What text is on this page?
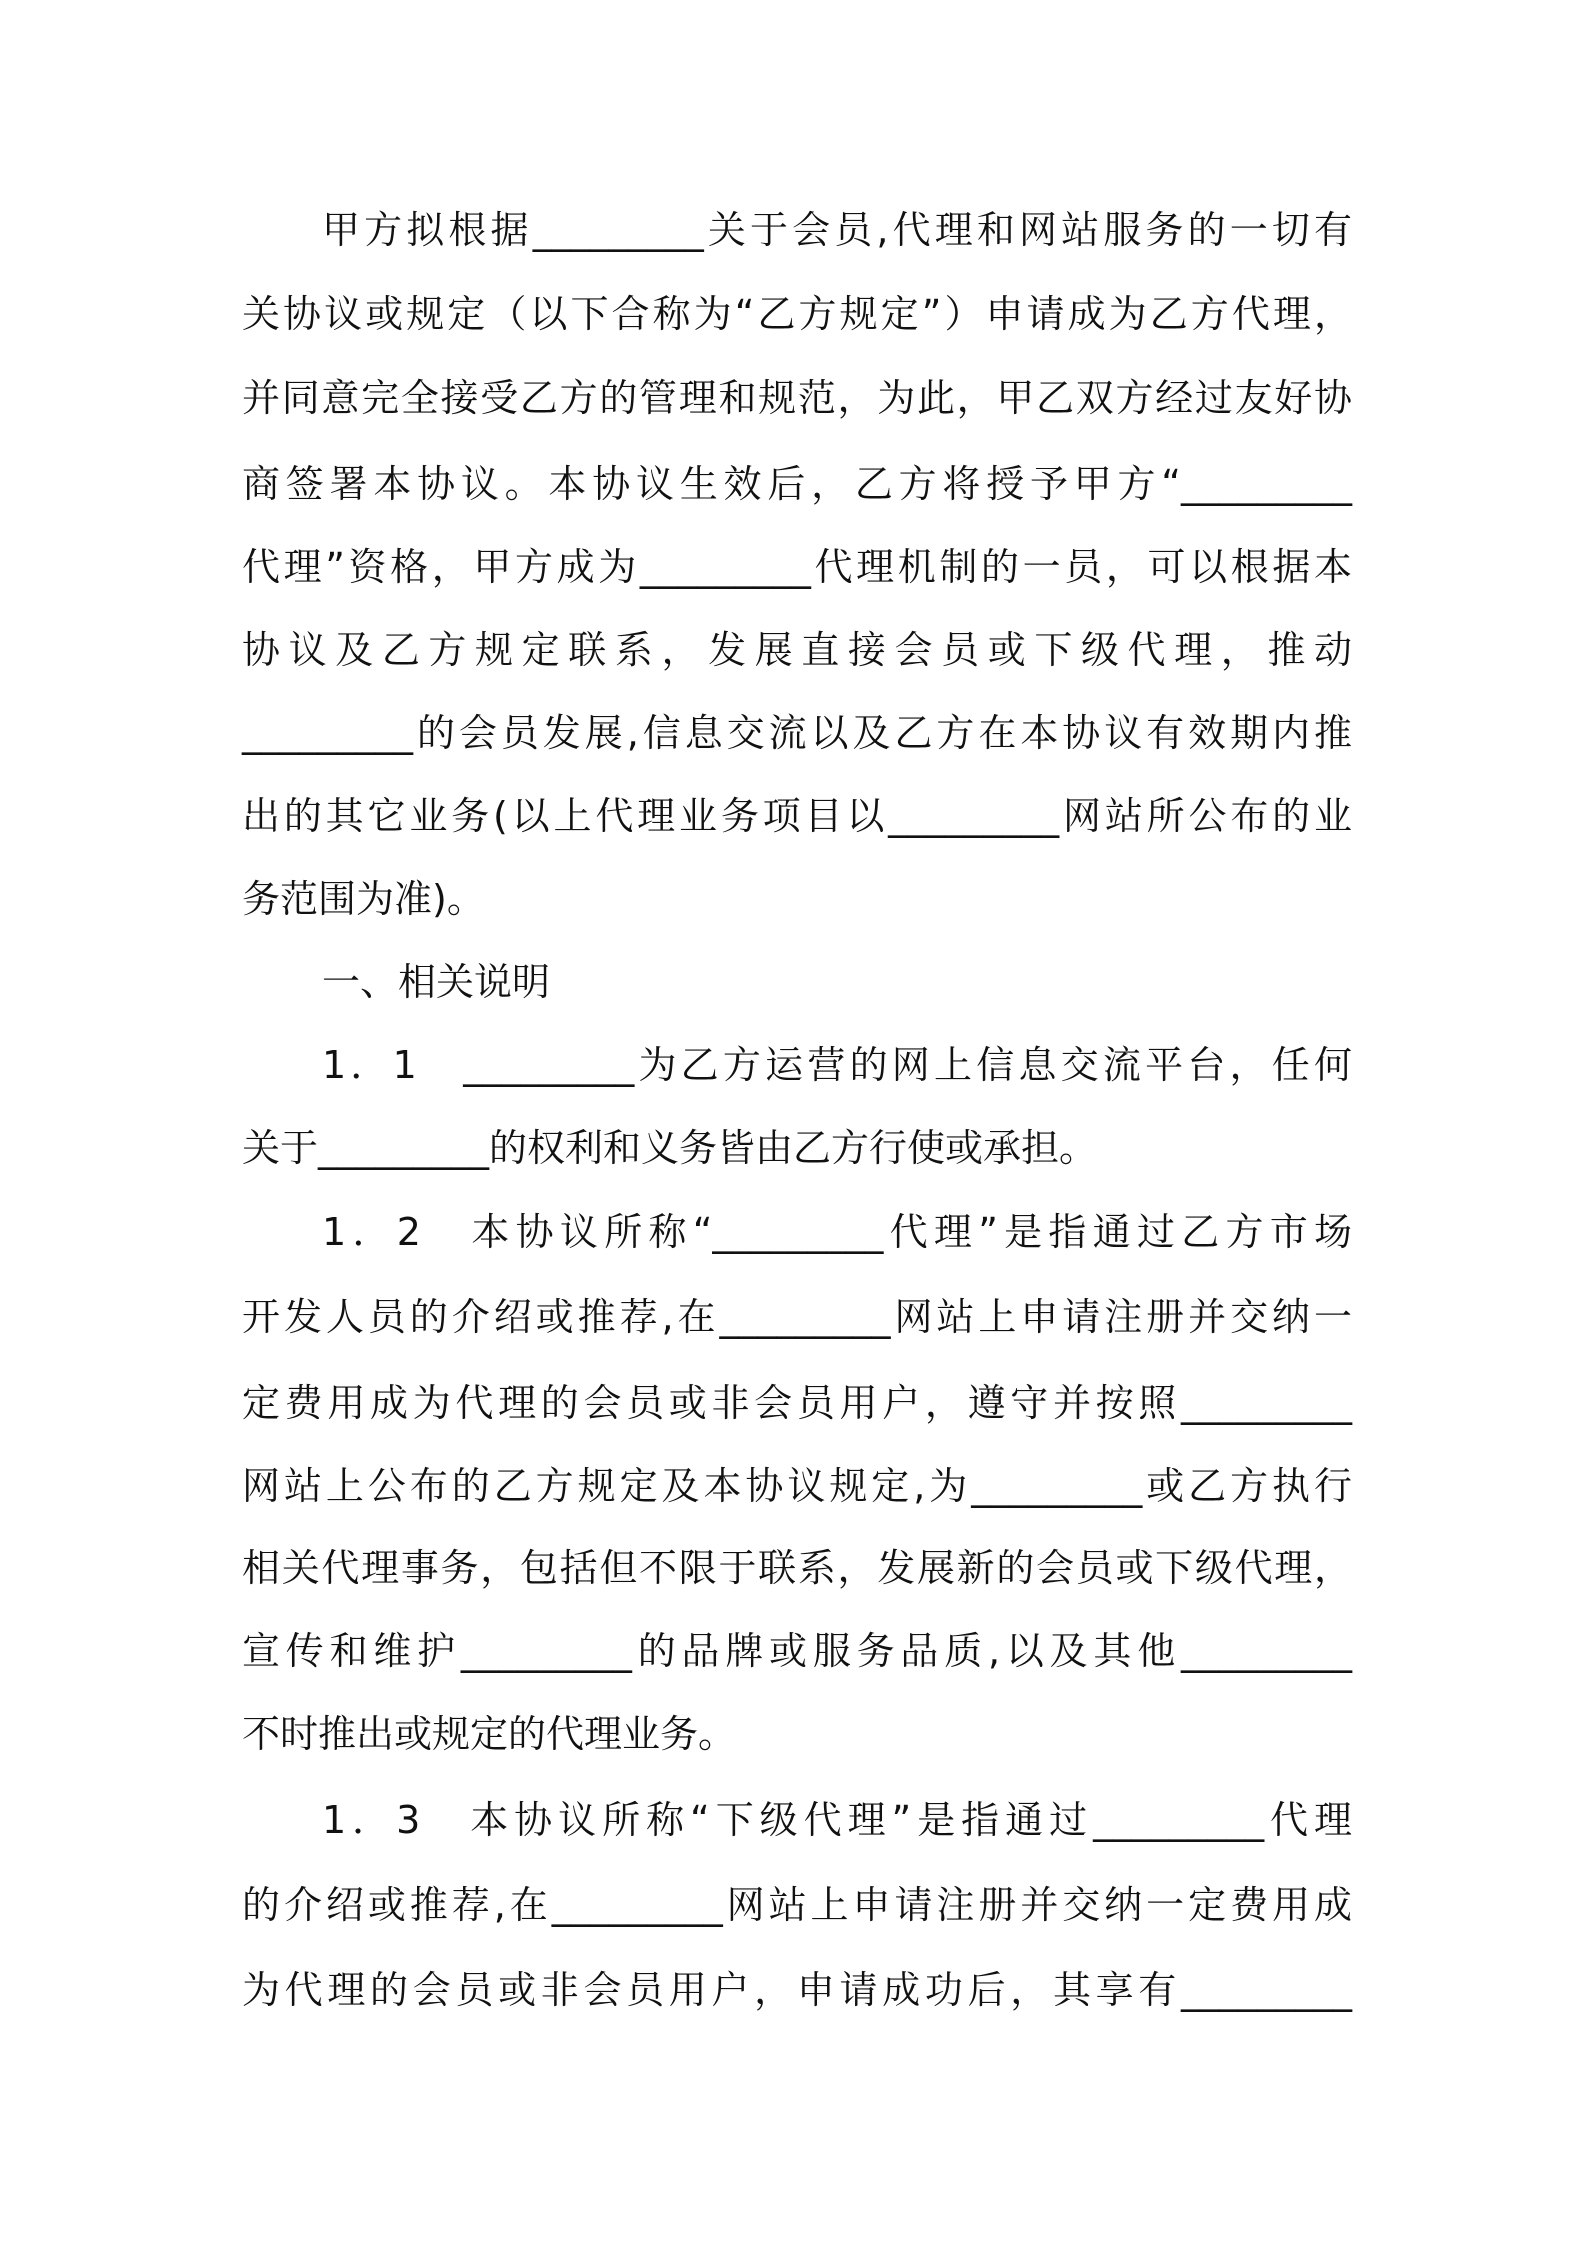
甲方拟根据_________关于会员,代理和网站服务的一切有
关协议或规定（以下合称为“乙方规定”）申请成为乙方代理，
并同意完全接受乙方的管理和规范，为此，甲乙双方经过友好协
商签署本协议。本协议生效后，乙方将授予甲方“_________
代理”资格，甲方成为_________代理机制的一员，可以根据本
协议及乙方规定联系，发展直接会员或下级代理，推动
_________的会员发展,信息交流以及乙方在本协议有效期内推
出的其它业务(以上代理业务项目以_________网站所公布的业
务范围为准)。
一、相关说明
1．1　_________为乙方运营的网上信息交流平台，任何
关于_________的权利和义务皆由乙方行使或承担。
1．2　本协议所称“_________代理”是指通过乙方市场
开发人员的介绍或推荐,在_________网站上申请注册并交纳一
定费用成为代理的会员或非会员用户，遵守并按照_________
网站上公布的乙方规定及本协议规定,为_________或乙方执行
相关代理事务，包括但不限于联系，发展新的会员或下级代理，
宣传和维护_________的品牌或服务品质,以及其他_________
不时推出或规定的代理业务。
1．3　本协议所称“下级代理”是指通过_________代理
的介绍或推荐,在_________网站上申请注册并交纳一定费用成
为代理的会员或非会员用户，申请成功后，其享有_________
